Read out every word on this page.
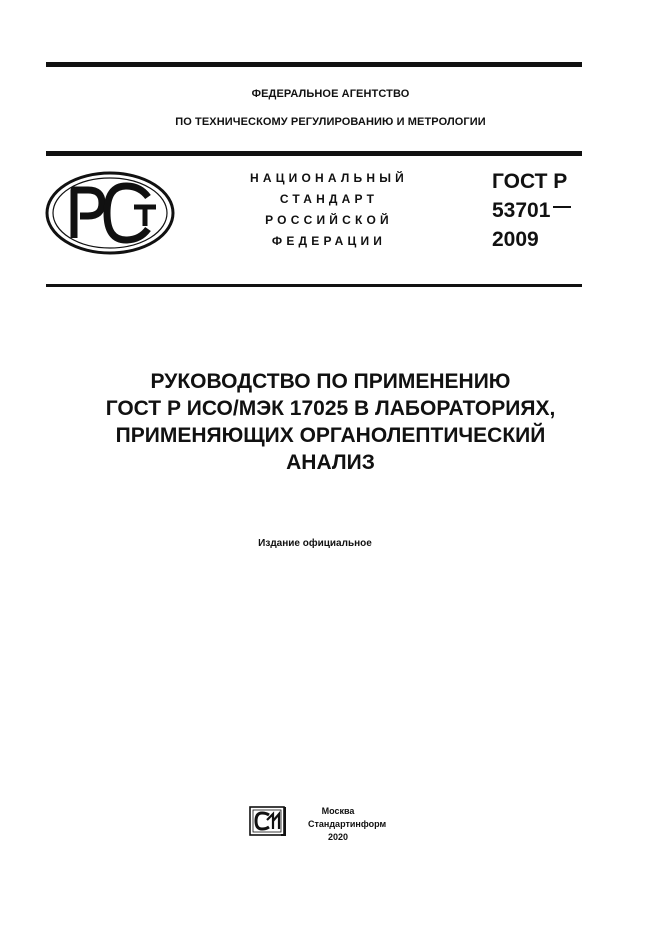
ФЕДЕРАЛЬНОЕ АГЕНТСТВО
ПО ТЕХНИЧЕСКОМУ РЕГУЛИРОВАНИЮ И МЕТРОЛОГИИ
НАЦИОНАЛЬНЫЙ
СТАНДАРТ
РОССИЙСКОЙ
ФЕДЕРАЦИИ
ГОСТ Р
53701
2009
РУКОВОДСТВО ПО ПРИМЕНЕНИЮ
ГОСТ Р ИСО/МЭК 17025 В ЛАБОРАТОРИЯХ,
ПРИМЕНЯЮЩИХ ОРГАНОЛЕПТИЧЕСКИЙ
АНАЛИЗ
Издание официальное
Москва
Стандартинформ
2020
